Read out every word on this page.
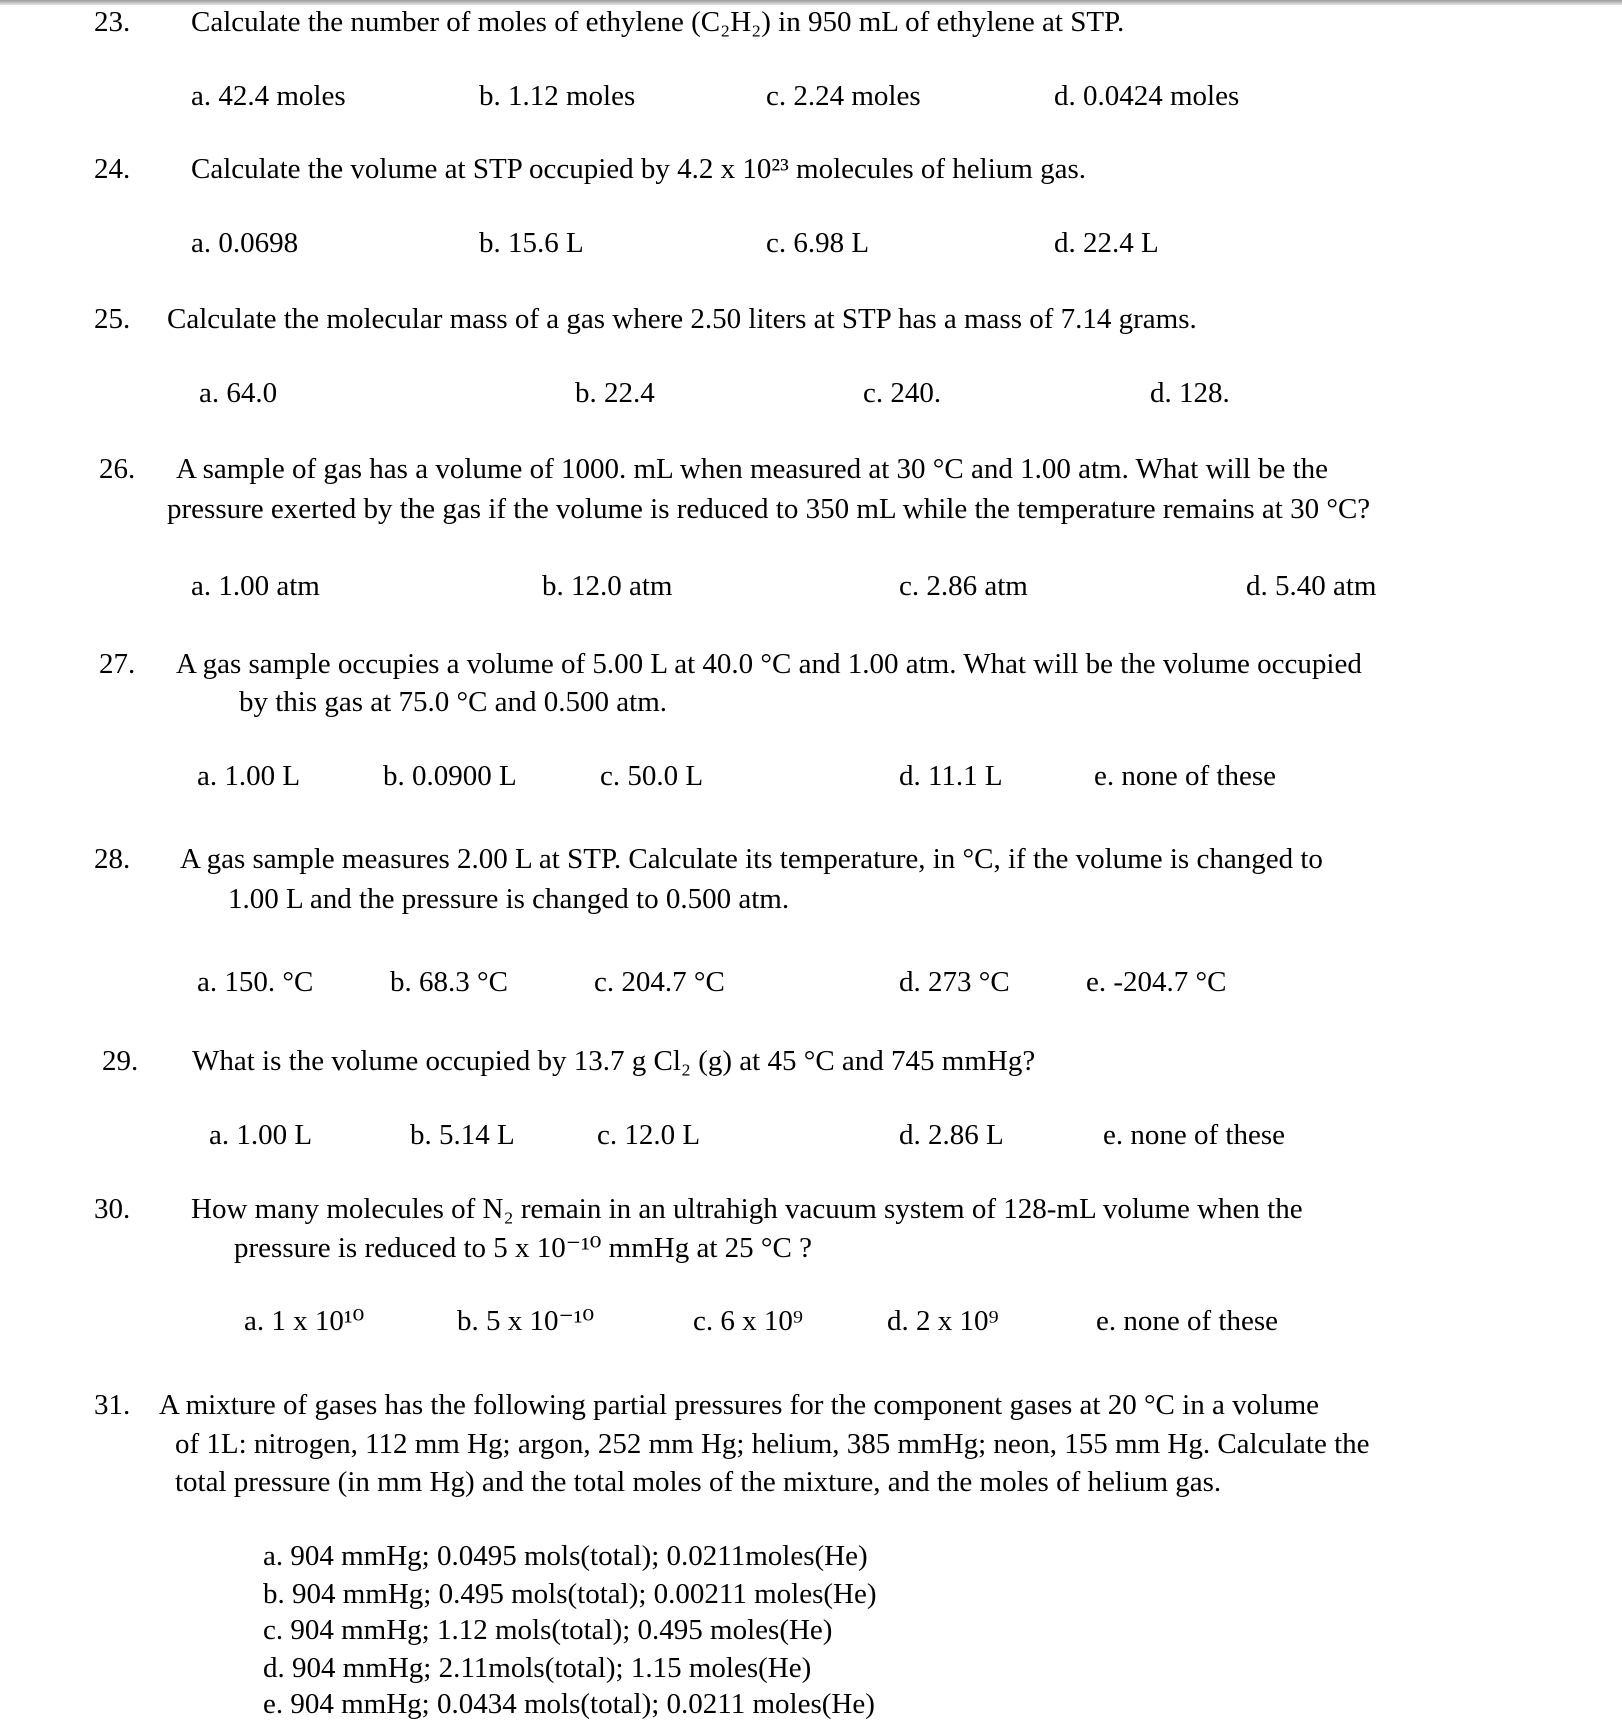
23. Calculate the number of moles of ethylene (C₂H₂) in 950 mL of ethylene at STP.
a. 42.4 moles	b. 1.12 moles	c. 2.24 moles	d. 0.0424 moles
24. Calculate the volume at STP occupied by 4.2 x 10²³ molecules of helium gas.
a. 0.0698	b. 15.6 L	c. 6.98 L	d. 22.4 L
25. Calculate the molecular mass of a gas where 2.50 liters at STP has a mass of 7.14 grams.
a. 64.0	b. 22.4	c. 240.	d. 128.
26. A sample of gas has a volume of 1000. mL when measured at 30 °C and 1.00 atm. What will be the
pressure exerted by the gas if the volume is reduced to 350 mL while the temperature remains at 30 °C?
a. 1.00 atm	b. 12.0 atm	c. 2.86 atm	d. 5.40 atm
27. A gas sample occupies a volume of 5.00 L at 40.0 °C and 1.00 atm. What will be the volume occupied
by this gas at 75.0 °C and 0.500 atm.
a. 1.00 L	b. 0.0900 L	c. 50.0 L	d. 11.1 L	e. none of these
28. A gas sample measures 2.00 L at STP. Calculate its temperature, in °C, if the volume is changed to
1.00 L and the pressure is changed to 0.500 atm.
a. 150. °C	b. 68.3 °C	c. 204.7 °C	d. 273 °C	e. -204.7 °C
29. What is the volume occupied by 13.7 g Cl₂ (g) at 45 °C and 745 mmHg?
a. 1.00 L	b. 5.14 L	c. 12.0 L	d. 2.86 L	e. none of these
30. How many molecules of N₂ remain in an ultrahigh vacuum system of 128-mL volume when the
pressure is reduced to 5 x 10⁻¹⁰ mmHg at 25 °C ?
a. 1 x 10¹⁰	b. 5 x 10⁻¹⁰	c. 6 x 10⁹	d. 2 x 10⁹	e. none of these
31. A mixture of gases has the following partial pressures for the component gases at 20 °C in a volume
of 1L: nitrogen, 112 mm Hg; argon, 252 mm Hg; helium, 385 mmHg; neon, 155 mm Hg. Calculate the
total pressure (in mm Hg) and the total moles of the mixture, and the moles of helium gas.
a. 904 mmHg; 0.0495 mols(total); 0.0211moles(He)
b. 904 mmHg; 0.495 mols(total); 0.00211 moles(He)
c. 904 mmHg; 1.12 mols(total); 0.495 moles(He)
d. 904 mmHg; 2.11mols(total); 1.15 moles(He)
e. 904 mmHg; 0.0434 mols(total); 0.0211 moles(He)
